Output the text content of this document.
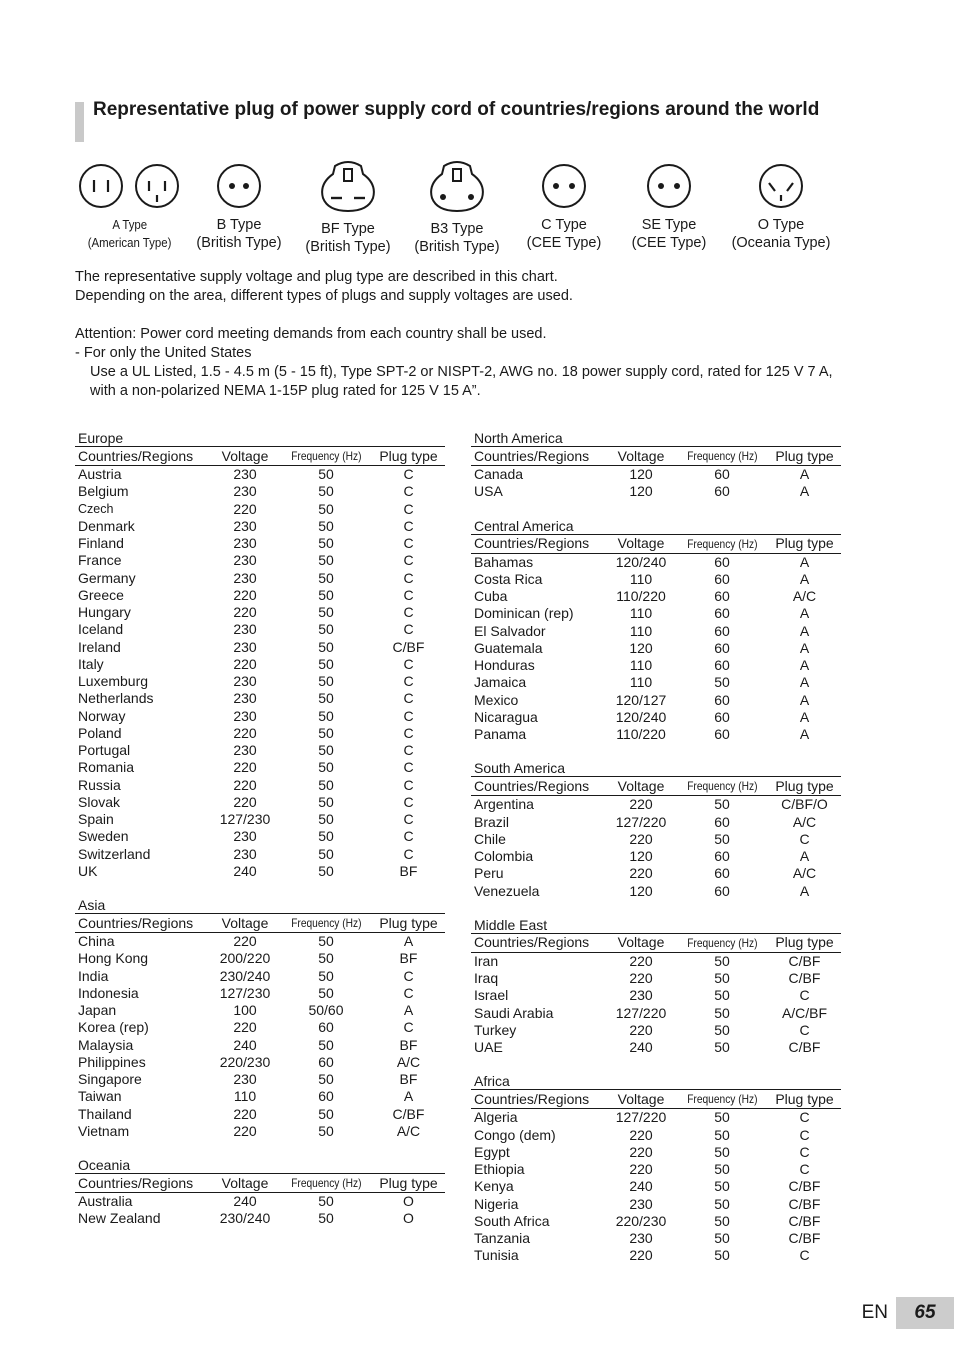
Representative plug of power supply cord of countries/regions around the world
A Type
(American Type)
B Type
(British Type)
BF Type
(British Type)
B3 Type
(British Type)
C Type
(CEE Type)
SE Type
(CEE Type)
O Type
(Oceania Type)

The representative supply voltage and plug type are described in this chart.

Depending on the area, different types of plugs and supply voltages are used.

Attention: Power cord meeting demands from each country shall be used.

- For only the United States

Use a UL Listed, 1.5 - 4.5 m (5 - 15 ft), Type SPT-2 or NISPT-2, AWG no. 18 power supply cord, rated for 125 V 7 A, with a non-polarized NEMA 1-15P plug rated for 125 V 15 A”.

Europe
Countries/Regions	Voltage	Frequency (Hz)	Plug type
Austria	230	50	C
Belgium	230	50	C
Czech	220	50	C
Denmark	230	50	C
Finland	230	50	C
France	230	50	C
Germany	230	50	C
Greece	220	50	C
Hungary	220	50	C
Iceland	230	50	C
Ireland	230	50	C/BF
Italy	220	50	C
Luxemburg	230	50	C
Netherlands	230	50	C
Norway	230	50	C
Poland	220	50	C
Portugal	230	50	C
Romania	220	50	C
Russia	220	50	C
Slovak	220	50	C
Spain	127/230	50	C
Sweden	230	50	C
Switzerland	230	50	C
UK	240	50	BF
Asia
Countries/Regions	Voltage	Frequency (Hz)	Plug type
China	220	50	A
Hong Kong	200/220	50	BF
India	230/240	50	C
Indonesia	127/230	50	C
Japan	100	50/60	A
Korea (rep)	220	60	C
Malaysia	240	50	BF
Philippines	220/230	60	A/C
Singapore	230	50	BF
Taiwan	110	60	A
Thailand	220	50	C/BF
Vietnam	220	50	A/C
Oceania
Countries/Regions	Voltage	Frequency (Hz)	Plug type
Australia	240	50	O
New Zealand	230/240	50	O
North America
Countries/Regions	Voltage	Frequency (Hz)	Plug type
Canada	120	60	A
USA	120	60	A
Central America
Countries/Regions	Voltage	Frequency (Hz)	Plug type
Bahamas	120/240	60	A
Costa Rica	110	60	A
Cuba	110/220	60	A/C
Dominican (rep)	110	60	A
El Salvador	110	60	A
Guatemala	120	60	A
Honduras	110	60	A
Jamaica	110	50	A
Mexico	120/127	60	A
Nicaragua	120/240	60	A
Panama	110/220	60	A
South America
Countries/Regions	Voltage	Frequency (Hz)	Plug type
Argentina	220	50	C/BF/O
Brazil	127/220	60	A/C
Chile	220	50	C
Colombia	120	60	A
Peru	220	60	A/C
Venezuela	120	60	A
Middle East
Countries/Regions	Voltage	Frequency (Hz)	Plug type
Iran	220	50	C/BF
Iraq	220	50	C/BF
Israel	230	50	C
Saudi Arabia	127/220	50	A/C/BF
Turkey	220	50	C
UAE	240	50	C/BF
Africa
Countries/Regions	Voltage	Frequency (Hz)	Plug type
Algeria	127/220	50	C
Congo (dem)	220	50	C
Egypt	220	50	C
Ethiopia	220	50	C
Kenya	240	50	C/BF
Nigeria	230	50	C/BF
South Africa	220/230	50	C/BF
Tanzania	230	50	C/BF
Tunisia	220	50	C
EN	65
